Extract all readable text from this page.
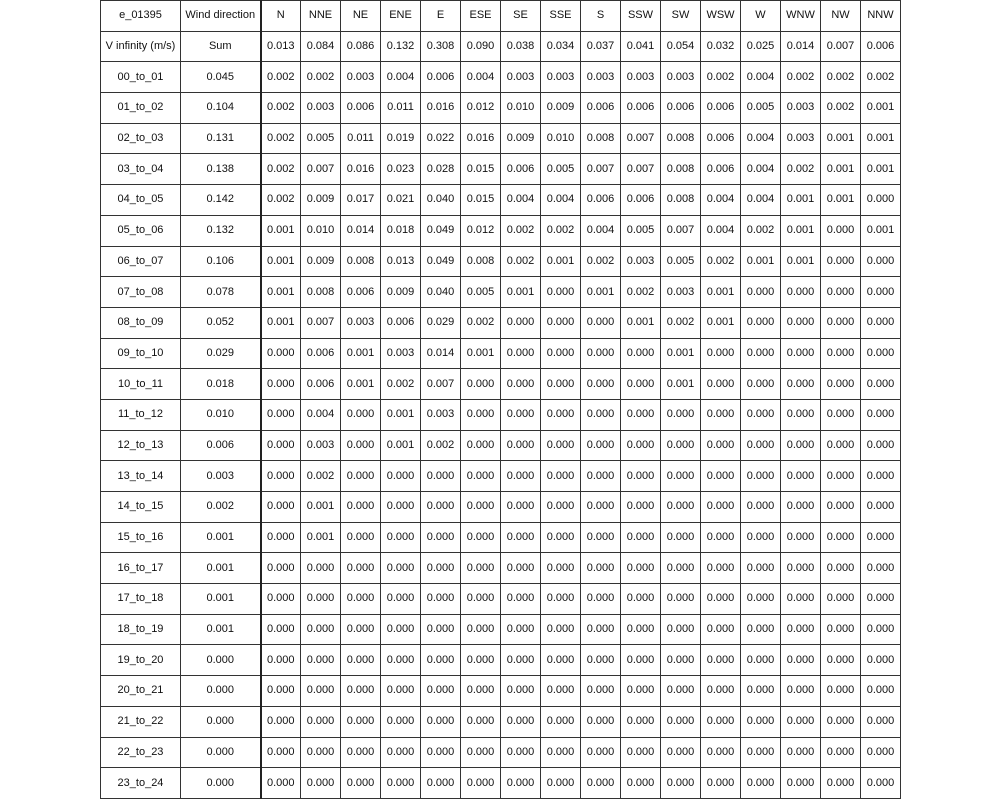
e_01395	Wind direction	N	NNE	NE	ENE	E	ESE	SE	SSE	S	SSW	SW	WSW	W	WNW	NW	NNW
V infinity (m/s)	Sum	0.013	0.084	0.086	0.132	0.308	0.090	0.038	0.034	0.037	0.041	0.054	0.032	0.025	0.014	0.007	0.006
00_to_01	0.045	0.002	0.002	0.003	0.004	0.006	0.004	0.003	0.003	0.003	0.003	0.003	0.002	0.004	0.002	0.002	0.002
01_to_02	0.104	0.002	0.003	0.006	0.011	0.016	0.012	0.010	0.009	0.006	0.006	0.006	0.006	0.005	0.003	0.002	0.001
02_to_03	0.131	0.002	0.005	0.011	0.019	0.022	0.016	0.009	0.010	0.008	0.007	0.008	0.006	0.004	0.003	0.001	0.001
03_to_04	0.138	0.002	0.007	0.016	0.023	0.028	0.015	0.006	0.005	0.007	0.007	0.008	0.006	0.004	0.002	0.001	0.001
04_to_05	0.142	0.002	0.009	0.017	0.021	0.040	0.015	0.004	0.004	0.006	0.006	0.008	0.004	0.004	0.001	0.001	0.000
05_to_06	0.132	0.001	0.010	0.014	0.018	0.049	0.012	0.002	0.002	0.004	0.005	0.007	0.004	0.002	0.001	0.000	0.001
06_to_07	0.106	0.001	0.009	0.008	0.013	0.049	0.008	0.002	0.001	0.002	0.003	0.005	0.002	0.001	0.001	0.000	0.000
07_to_08	0.078	0.001	0.008	0.006	0.009	0.040	0.005	0.001	0.000	0.001	0.002	0.003	0.001	0.000	0.000	0.000	0.000
08_to_09	0.052	0.001	0.007	0.003	0.006	0.029	0.002	0.000	0.000	0.000	0.001	0.002	0.001	0.000	0.000	0.000	0.000
09_to_10	0.029	0.000	0.006	0.001	0.003	0.014	0.001	0.000	0.000	0.000	0.000	0.001	0.000	0.000	0.000	0.000	0.000
10_to_11	0.018	0.000	0.006	0.001	0.002	0.007	0.000	0.000	0.000	0.000	0.000	0.001	0.000	0.000	0.000	0.000	0.000
11_to_12	0.010	0.000	0.004	0.000	0.001	0.003	0.000	0.000	0.000	0.000	0.000	0.000	0.000	0.000	0.000	0.000	0.000
12_to_13	0.006	0.000	0.003	0.000	0.001	0.002	0.000	0.000	0.000	0.000	0.000	0.000	0.000	0.000	0.000	0.000	0.000
13_to_14	0.003	0.000	0.002	0.000	0.000	0.000	0.000	0.000	0.000	0.000	0.000	0.000	0.000	0.000	0.000	0.000	0.000
14_to_15	0.002	0.000	0.001	0.000	0.000	0.000	0.000	0.000	0.000	0.000	0.000	0.000	0.000	0.000	0.000	0.000	0.000
15_to_16	0.001	0.000	0.001	0.000	0.000	0.000	0.000	0.000	0.000	0.000	0.000	0.000	0.000	0.000	0.000	0.000	0.000
16_to_17	0.001	0.000	0.000	0.000	0.000	0.000	0.000	0.000	0.000	0.000	0.000	0.000	0.000	0.000	0.000	0.000	0.000
17_to_18	0.001	0.000	0.000	0.000	0.000	0.000	0.000	0.000	0.000	0.000	0.000	0.000	0.000	0.000	0.000	0.000	0.000
18_to_19	0.001	0.000	0.000	0.000	0.000	0.000	0.000	0.000	0.000	0.000	0.000	0.000	0.000	0.000	0.000	0.000	0.000
19_to_20	0.000	0.000	0.000	0.000	0.000	0.000	0.000	0.000	0.000	0.000	0.000	0.000	0.000	0.000	0.000	0.000	0.000
20_to_21	0.000	0.000	0.000	0.000	0.000	0.000	0.000	0.000	0.000	0.000	0.000	0.000	0.000	0.000	0.000	0.000	0.000
21_to_22	0.000	0.000	0.000	0.000	0.000	0.000	0.000	0.000	0.000	0.000	0.000	0.000	0.000	0.000	0.000	0.000	0.000
22_to_23	0.000	0.000	0.000	0.000	0.000	0.000	0.000	0.000	0.000	0.000	0.000	0.000	0.000	0.000	0.000	0.000	0.000
23_to_24	0.000	0.000	0.000	0.000	0.000	0.000	0.000	0.000	0.000	0.000	0.000	0.000	0.000	0.000	0.000	0.000	0.000
